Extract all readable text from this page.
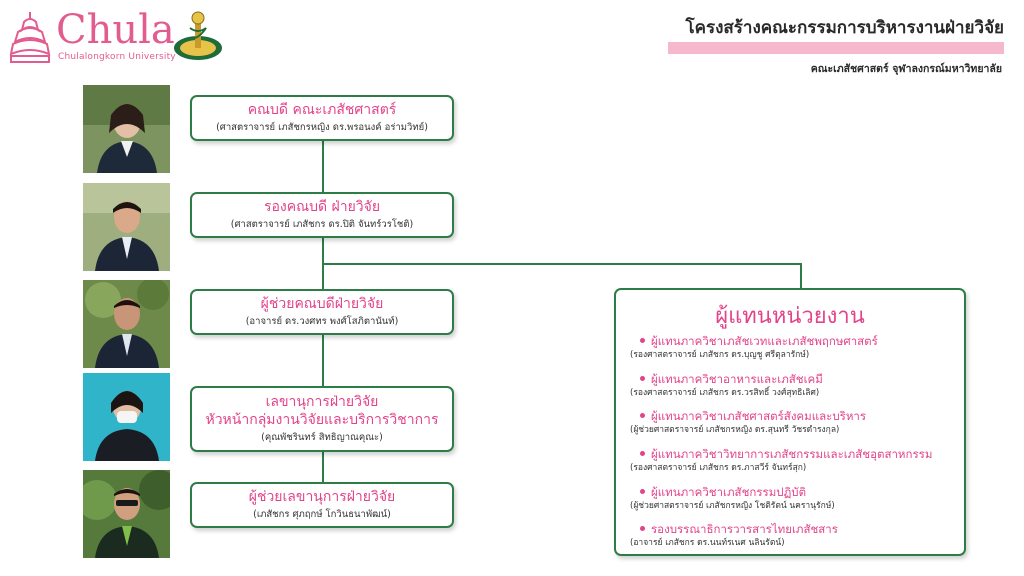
Chula
Chulalongkorn University
โครงสร้างคณะกรรมการบริหารงานฝ่ายวิจัย
คณะเภสัชศาสตร์ จุฬาลงกรณ์มหาวิทยาลัย
คณบดี คณะเภสัชศาสตร์
(ศาสตราจารย์ เภสัชกรหญิง ดร.พรอนงค์ อร่ามวิทย์)
รองคณบดี ฝ่ายวิจัย
(ศาสตราจารย์ เภสัชกร ดร.ปิติ จันทร์วรโชติ)
ผู้ช่วยคณบดีฝ่ายวิจัย
(อาจารย์ ดร.วงศทร พงศ์โสภิตานันท์)
เลขานุการฝ่ายวิจัย
หัวหน้ากลุ่มงานวิจัยและบริการวิชาการ
(คุณพัชรินทร์ สิทธิญาณคุณะ)
ผู้ช่วยเลขานุการฝ่ายวิจัย
(เภสัชกร ศุภฤกษ์ โกวินธนาพัฒน์)
ผู้แทนหน่วยงาน
ผู้แทนภาควิชาเภสัชเวทและเภสัชพฤกษศาสตร์
(รองศาสตราจารย์ เภสัชกร ดร.บุญชู ศรีตุลารักษ์)
ผู้แทนภาควิชาอาหารและเภสัชเคมี
(รองศาสตราจารย์ เภสัชกร ดร.วรสิทธิ์ วงศ์สุทธิเลิศ)
ผู้แทนภาควิชาเภสัชศาสตร์สังคมและบริหาร
(ผู้ช่วยศาสตราจารย์ เภสัชกรหญิง ดร.สุนทรี วัชรดำรงกุล)
ผู้แทนภาควิชาวิทยาการเภสัชกรรมและเภสัชอุตสาหกรรม
(รองศาสตราจารย์ เภสัชกร ดร.ภาสวีร์ จันทร์สุก)
ผู้แทนภาควิชาเภสัชกรรมปฏิบัติ
(ผู้ช่วยศาสตราจารย์ เภสัชกรหญิง โชติรัตน์ นครานุรักษ์)
รองบรรณาธิการวารสารไทยเภสัชสาร
(อาจารย์ เภสัชกร ดร.นนท์รเนศ นลินรัตน์)
